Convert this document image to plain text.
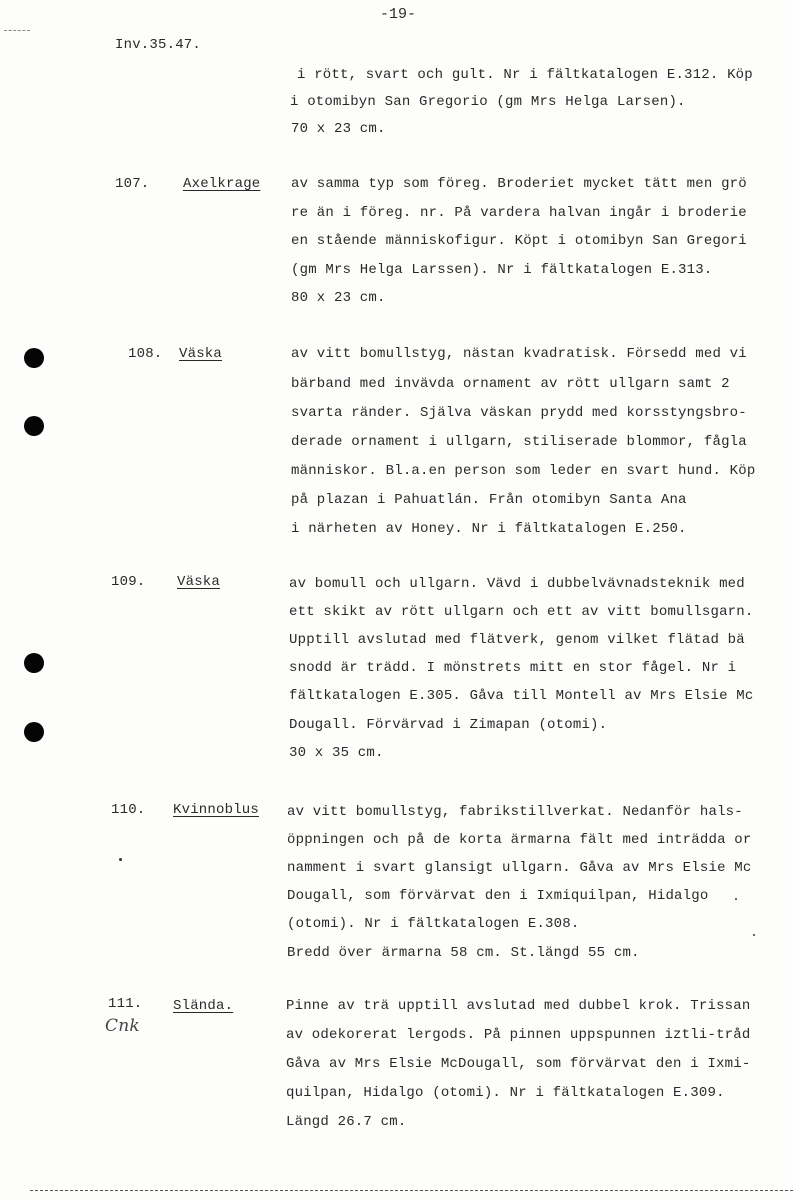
-19-
Inv.35.47.
i rött, svart och gult. Nr i fältkatalogen E.312. Köp
i otomibyn San Gregorio (gm Mrs Helga Larsen).
70 x 23 cm.
107. Axelkrage av samma typ som föreg. Broderiet mycket tätt men grö
re än i föreg. nr. På vardera halvan ingår i broderie
en stående människofigur. Köpt i otomibyn San Gregori
(gm Mrs Helga Larssen). Nr i fältkatalogen E.313.
80 x 23 cm.
108. Väska	av vitt bomullstyg, nästan kvadratisk. Försedd med vi
bärband med invävda ornament av rött ullgarn samt 2
svarta ränder. Själva väskan prydd med korsstyngsbro-
derade ornament i ullgarn, stiliserade blommor, fågla
människor. Bl.a.en person som leder en svart hund. Köp
på plazan i Pahuatlán. Från otomibyn Santa Ana
i närheten av Honey. Nr i fältkatalogen E.250.
109. Väska	av bomull och ullgarn. Vävd i dubbelvävnadsteknik med
ett skikt av rött ullgarn och ett av vitt bomullsgarn.
Upptill avslutad med flätverk, genom vilket flätad bä
snodd är trädd. I mönstrets mitt en stor fågel. Nr i
fältkatalogen E.305. Gåva till Montell av Mrs Elsie Mc
Dougall. Förvärvad i Zimapan (otomi).
30 x 35 cm.
110. Kvinnoblus av vitt bomullstyg, fabrikstillverkat. Nedanför hals-
öppningen och på de korta ärmarna fält med inträdda or
namment i svart glansigt ullgarn. Gåva av Mrs Elsie Mc
Dougall, som förvärvat den i Ixmiquilpan, Hidalgo
(otomi). Nr i fältkatalogen E.308.
Bredd över ärmarna 58 cm. St.längd 55 cm.
111. Slända.
Cnk
Pinne av trä upptill avslutad med dubbel krok. Trissan
av odekorerat lergods. På pinnen uppspunnen iztli-tråd
Gåva av Mrs Elsie McDougall, som förvärvat den i Ixmi-
quilpan, Hidalgo (otomi). Nr i fältkatalogen E.309.
Längd 26.7 cm.
